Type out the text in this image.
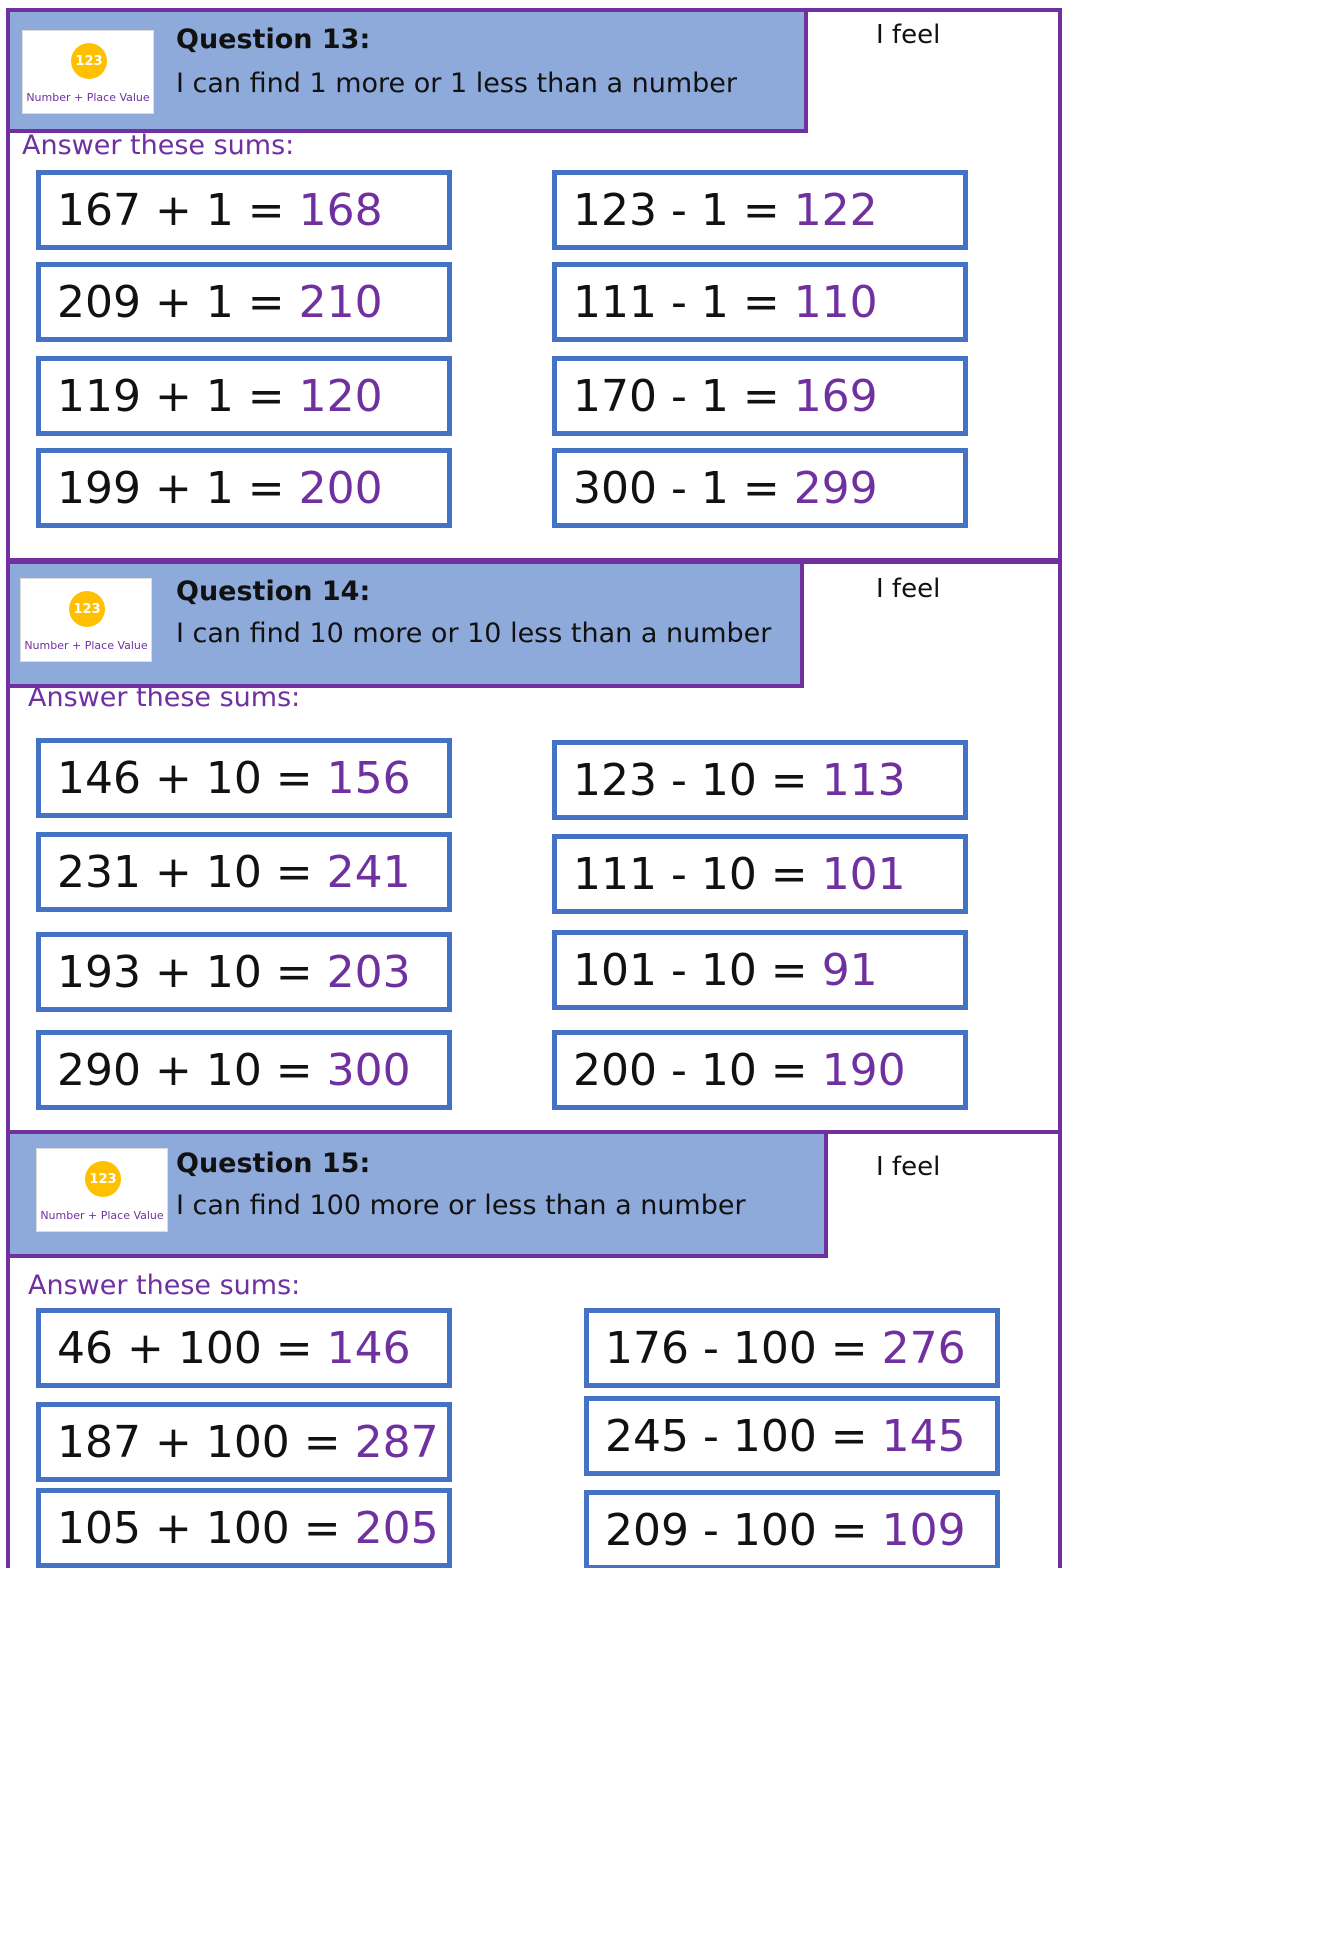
123
Number + Place Value
Question 13:
I can find 1 more or 1 less than a number
I feel
Answer these sums:
167 + 1 = 168
209 + 1 = 210
119 + 1 = 120
199 + 1 = 200
123 - 1 = 122
111 - 1 = 110
170 - 1 = 169
300 - 1 = 299
123
Number + Place Value
Question 14:
I can find 10 more or 10 less than a number
I feel
Answer these sums:
146 + 10 = 156
231 + 10 = 241
193 + 10 = 203
290 + 10 = 300
123 - 10 = 113
111 - 10 = 101
101 - 10 = 91
200 - 10 = 190
123
Number + Place Value
Question 15:
I can find 100 more or less than a number
I feel
Answer these sums:
46 + 100 = 146
187 + 100 = 287
105 + 100 = 205
176 - 100 = 276
245 - 100 = 145
209 - 100 = 109
